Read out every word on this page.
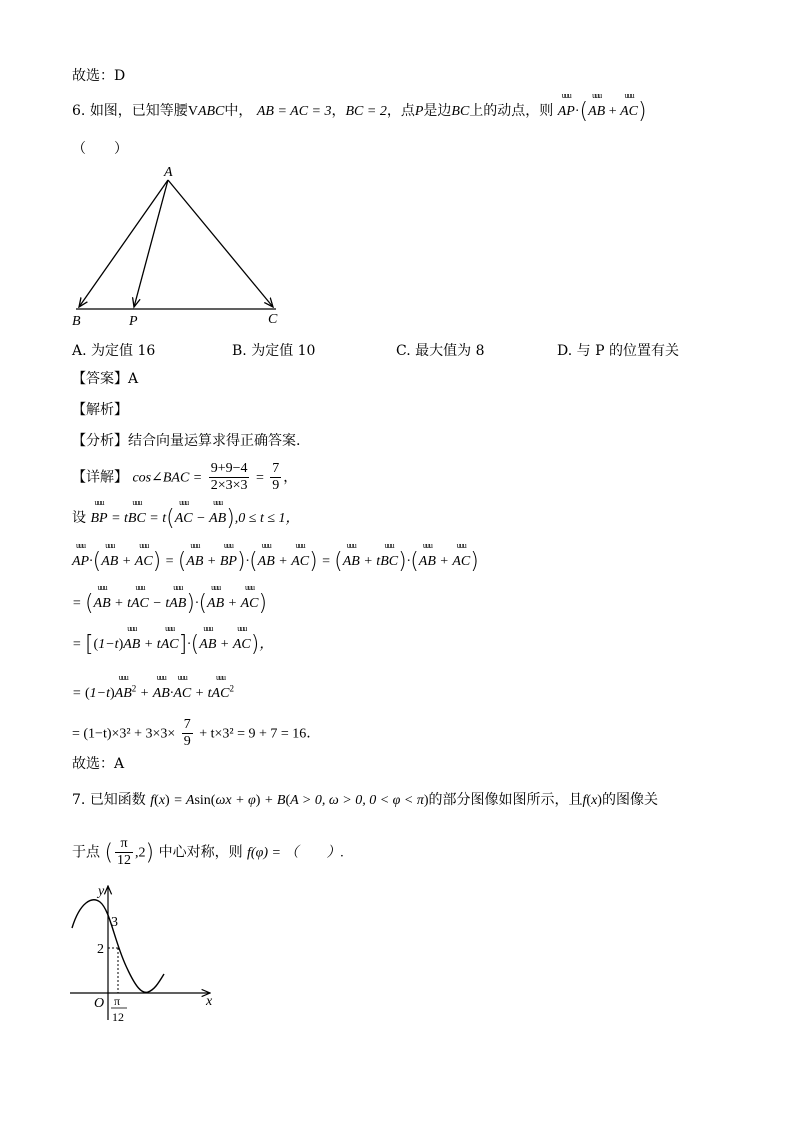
故选：D
6. 如图，已知等腰VABC中， AB = AC = 3，BC = 2，点P是边BC上的动点，则 uuu AP·(uuu AB + uuu AC)
（　　）
A
B	P	C
A. 为定值 16	B. 为定值 10	C. 最大值为 8	D. 与 P 的位置有关
【答案】A
【解析】
【分析】结合向量运算求得正确答案.
【详解】 cos∠BAC = $\frac{9+9-4}{2\times 3\times 3} = \frac{7}{9}$ ，
设 uuu BP = tuuu BC = t(uuu AC − uuu AB),0 ≤ t ≤ 1，
uuu AP·(uuu AB + uuu AC) = (uuu AB + uuu BP)·(uuu AB + uuu AC) = (uuu AB + tuuu BC)·(uuu AB + uuu AC)
= (uuu AB + tuuu AC − tuuu AB)·(uuu AB + uuu AC)
= [(1−t)uuu AB + tuuu AC]·(uuu AB + uuu AC)，
= (1−t)uuu $AB^2$ + uuu AB·uuu AC + tuuu $AC^2$
= $(1-t)\times 3^2 + 3\times 3\times \frac{7}{9} + t\times 3^2 = 9 + 7 = 16$.
故选：A
7. 已知函数 f(x) = Asin(ωx + φ) + B(A > 0, ω > 0, 0 < φ < π)的部分图像如图所示，且f(x)的图像关
于点 ( $\frac{\pi}{12} ,2$) 中心对称，则 f(φ) = （　　）.
y
x
O
3
2
π
12
